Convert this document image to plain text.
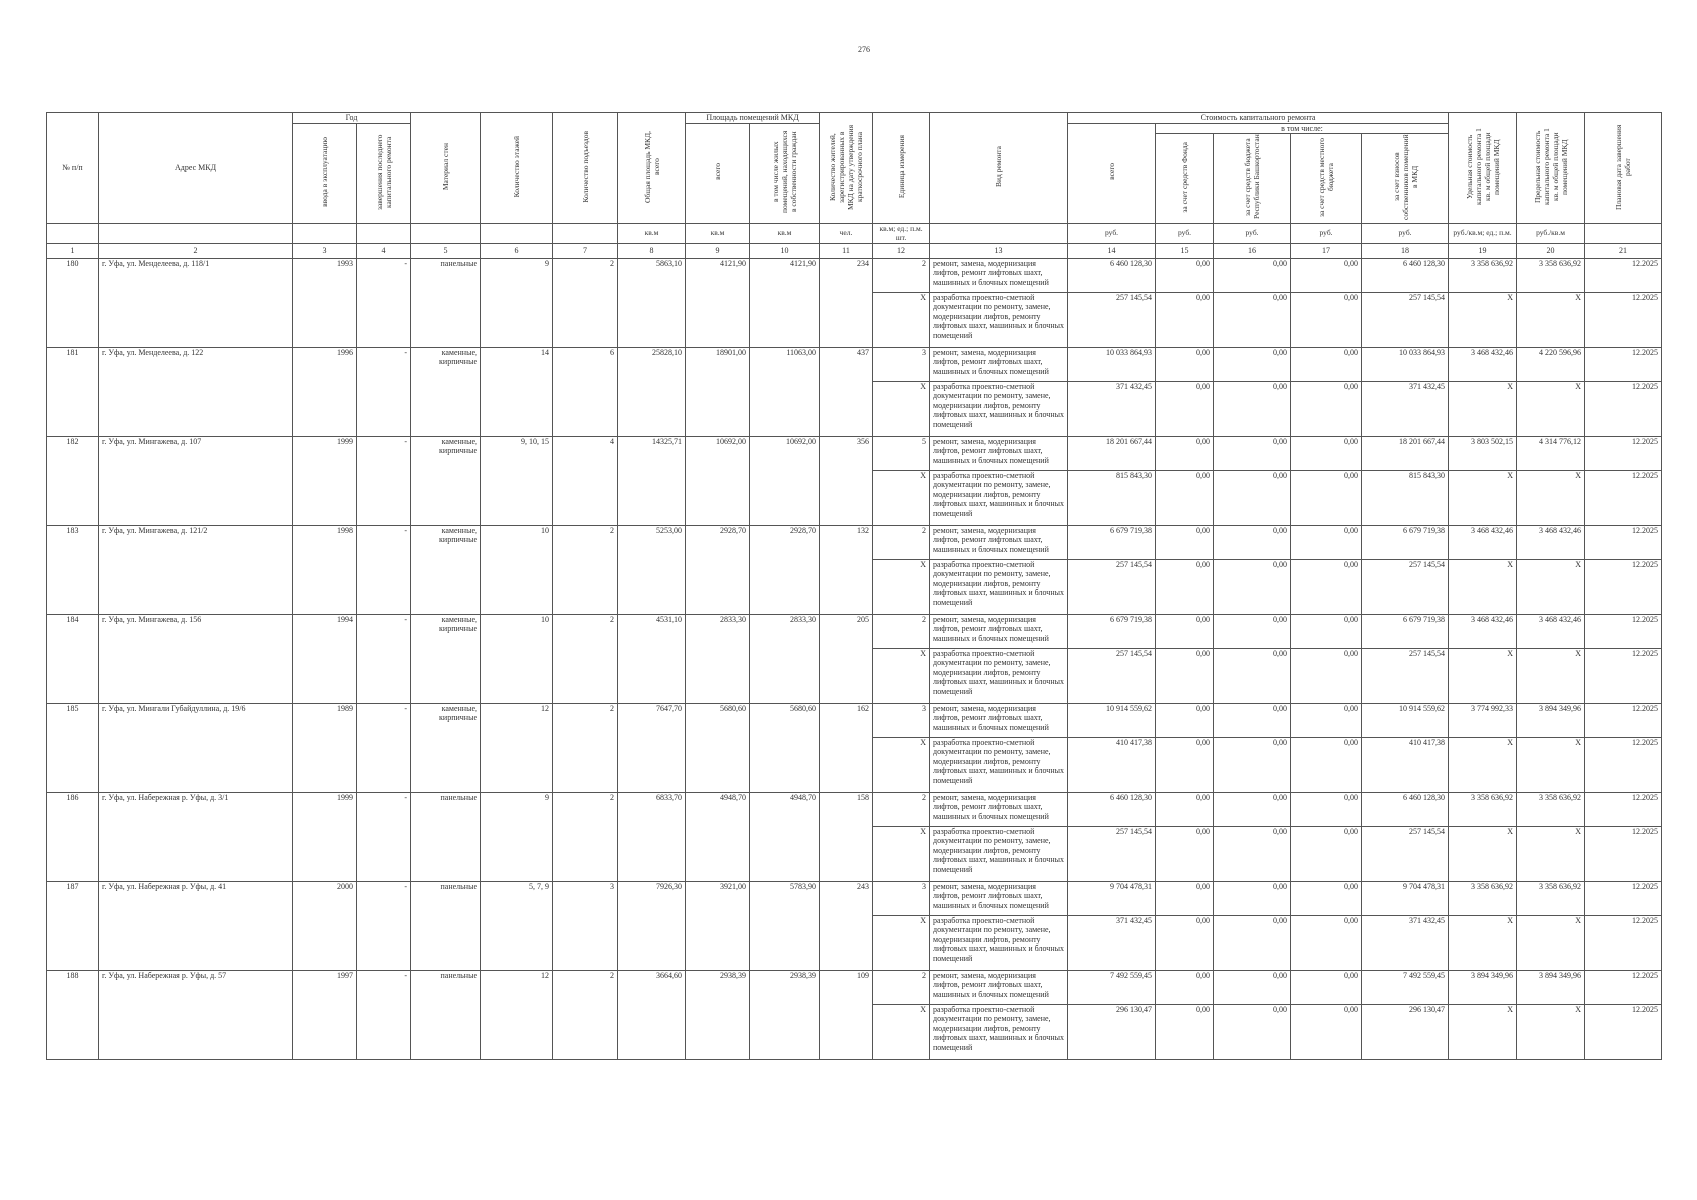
276
№ п/п	Адрес МКД	Год		Материал стен	Количество этажей	Количество подъездов	Общая площадь МКД, всего	Площадь помещений МКД		Количество жителей, зарегистрированных в МКД на дату утверждения краткосрочного плана	Единица измерения	Вид ремонта	Стоимость капитального ремонта					Удельная стоимость капитального ремонта 1 кв. м общей площади помещений МКД	Предельная стоимость капитального ремонта 1 кв. м общей площади помещений МКД	Плановая дата завершения работ
		ввода в эксплуатацию	завершения последнего капитального ремонта					всего	в том числе жилых помещений, находящихся в собственности граждан				всего	в том числе:						
														за счет средств Фонда	за счет средств бюджета Республики Башкортостан	за счет средств местного бюджета	за счет взносов собственников помещений в МКД			
							кв.м	кв.м	кв.м	чел.	кв.м; ед.; п.м. шт.		руб.	руб.	руб.	руб.	руб.	руб./кв.м; ед.; п.м.	руб./кв.м	
1	2	3	4	5	6	7	8	9	10	11	12	13	14	15	16	17	18	19	20	21
180	г. Уфа, ул. Менделеева, д. 118/1	1993	-	панельные	9	2	5863,10	4121,90	4121,90	234	2	ремонт, замена, модернизация лифтов, ремонт лифтовых шахт, машинных и блочных помещений	6 460 128,30	0,00	0,00	0,00	6 460 128,30	3 358 636,92	3 358 636,92	12.2025
											X	разработка проектно-сметной документации по ремонту, замене, модернизации лифтов, ремонту лифтовых шахт, машинных и блочных помещений	257 145,54	0,00	0,00	0,00	257 145,54	X	X	12.2025
181	г. Уфа, ул. Менделеева, д. 122	1996	-	каменные, кирпичные	14	6	25828,10	18901,00	11063,00	437	3	ремонт, замена, модернизация лифтов, ремонт лифтовых шахт, машинных и блочных помещений	10 033 864,93	0,00	0,00	0,00	10 033 864,93	3 468 432,46	4 220 596,96	12.2025
											X	разработка проектно-сметной документации по ремонту, замене, модернизации лифтов, ремонту лифтовых шахт, машинных и блочных помещений	371 432,45	0,00	0,00	0,00	371 432,45	X	X	12.2025
182	г. Уфа, ул. Мингажева, д. 107	1999	-	каменные, кирпичные	9, 10, 15	4	14325,71	10692,00	10692,00	356	5	ремонт, замена, модернизация лифтов, ремонт лифтовых шахт, машинных и блочных помещений	18 201 667,44	0,00	0,00	0,00	18 201 667,44	3 803 502,15	4 314 776,12	12.2025
											X	разработка проектно-сметной документации по ремонту, замене, модернизации лифтов, ремонту лифтовых шахт, машинных и блочных помещений	815 843,30	0,00	0,00	0,00	815 843,30	X	X	12.2025
183	г. Уфа, ул. Мингажева, д. 121/2	1998	-	каменные, кирпичные	10	2	5253,00	2928,70	2928,70	132	2	ремонт, замена, модернизация лифтов, ремонт лифтовых шахт, машинных и блочных помещений	6 679 719,38	0,00	0,00	0,00	6 679 719,38	3 468 432,46	3 468 432,46	12.2025
											X	разработка проектно-сметной документации по ремонту, замене, модернизации лифтов, ремонту лифтовых шахт, машинных и блочных помещений	257 145,54	0,00	0,00	0,00	257 145,54	X	X	12.2025
184	г. Уфа, ул. Мингажева, д. 156	1994	-	каменные, кирпичные	10	2	4531,10	2833,30	2833,30	205	2	ремонт, замена, модернизация лифтов, ремонт лифтовых шахт, машинных и блочных помещений	6 679 719,38	0,00	0,00	0,00	6 679 719,38	3 468 432,46	3 468 432,46	12.2025
											X	разработка проектно-сметной документации по ремонту, замене, модернизации лифтов, ремонту лифтовых шахт, машинных и блочных помещений	257 145,54	0,00	0,00	0,00	257 145,54	X	X	12.2025
185	г. Уфа, ул. Мингали Губайдуллина, д. 19/6	1989	-	каменные, кирпичные	12	2	7647,70	5680,60	5680,60	162	3	ремонт, замена, модернизация лифтов, ремонт лифтовых шахт, машинных и блочных помещений	10 914 559,62	0,00	0,00	0,00	10 914 559,62	3 774 992,33	3 894 349,96	12.2025
											X	разработка проектно-сметной документации по ремонту, замене, модернизации лифтов, ремонту лифтовых шахт, машинных и блочных помещений	410 417,38	0,00	0,00	0,00	410 417,38	X	X	12.2025
186	г. Уфа, ул. Набережная р. Уфы, д. 3/1	1999	-	панельные	9	2	6833,70	4948,70	4948,70	158	2	ремонт, замена, модернизация лифтов, ремонт лифтовых шахт, машинных и блочных помещений	6 460 128,30	0,00	0,00	0,00	6 460 128,30	3 358 636,92	3 358 636,92	12.2025
											X	разработка проектно-сметной документации по ремонту, замене, модернизации лифтов, ремонту лифтовых шахт, машинных и блочных помещений	257 145,54	0,00	0,00	0,00	257 145,54	X	X	12.2025
187	г. Уфа, ул. Набережная р. Уфы, д. 41	2000	-	панельные	5, 7, 9	3	7926,30	3921,00	5783,90	243	3	ремонт, замена, модернизация лифтов, ремонт лифтовых шахт, машинных и блочных помещений	9 704 478,31	0,00	0,00	0,00	9 704 478,31	3 358 636,92	3 358 636,92	12.2025
											X	разработка проектно-сметной документации по ремонту, замене, модернизации лифтов, ремонту лифтовых шахт, машинных и блочных помещений	371 432,45	0,00	0,00	0,00	371 432,45	X	X	12.2025
188	г. Уфа, ул. Набережная р. Уфы, д. 57	1997	-	панельные	12	2	3664,60	2938,39	2938,39	109	2	ремонт, замена, модернизация лифтов, ремонт лифтовых шахт, машинных и блочных помещений	7 492 559,45	0,00	0,00	0,00	7 492 559,45	3 894 349,96	3 894 349,96	12.2025
											X	разработка проектно-сметной документации по ремонту, замене, модернизации лифтов, ремонту лифтовых шахт, машинных и блочных помещений	296 130,47	0,00	0,00	0,00	296 130,47	X	X	12.2025
